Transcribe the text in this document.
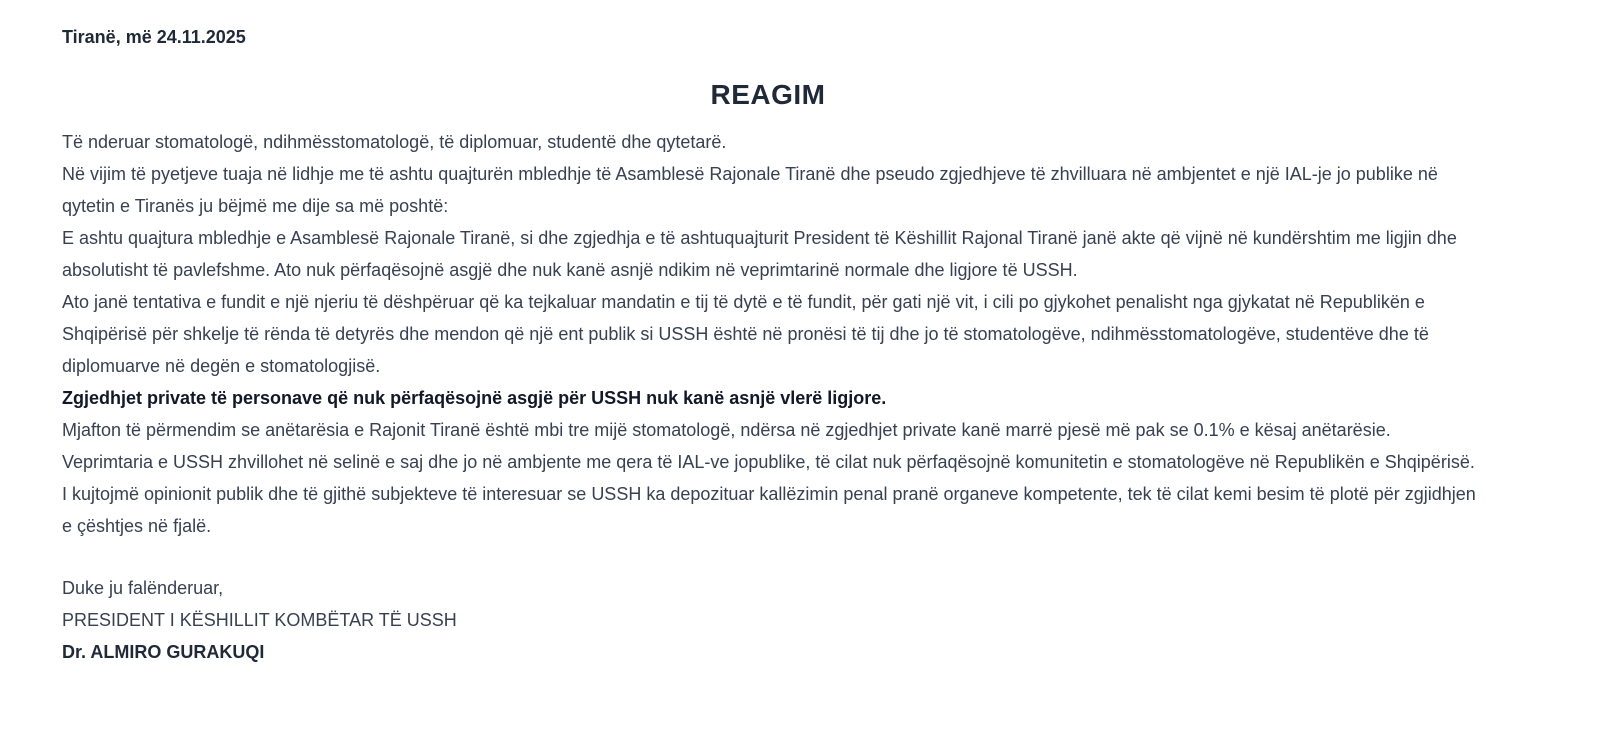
Tiranë, më 24.11.2025

REAGIM

Të nderuar stomatologë, ndihmësstomatologë, të diplomuar, studentë dhe qytetarë.

Në vijim të pyetjeve tuaja në lidhje me të ashtu quajturën mbledhje të Asamblesë Rajonale Tiranë dhe pseudo zgjedhjeve të zhvilluara në ambjentet e një IAL-je jo publike në qytetin e Tiranës ju bëjmë me dije sa më poshtë:

E ashtu quajtura mbledhje e Asamblesë Rajonale Tiranë, si dhe zgjedhja e të ashtuquajturit President të Këshillit Rajonal Tiranë janë akte që vijnë në kundërshtim me ligjin dhe absolutisht të pavlefshme. Ato nuk përfaqësojnë asgjë dhe nuk kanë asnjë ndikim në veprimtarinë normale dhe ligjore të USSH.

Ato janë tentativa e fundit e një njeriu të dëshpëruar që ka tejkaluar mandatin e tij të dytë e të fundit, për gati një vit, i cili po gjykohet penalisht nga gjykatat në Republikën e Shqipërisë për shkelje të rënda të detyrës dhe mendon që një ent publik si USSH është në pronësi të tij dhe jo të stomatologëve, ndihmësstomatologëve, studentëve dhe të diplomuarve në degën e stomatologjisë.

Zgjedhjet private të personave që nuk përfaqësojnë asgjë për USSH nuk kanë asnjë vlerë ligjore.

Mjafton të përmendim se anëtarësia e Rajonit Tiranë është mbi tre mijë stomatologë, ndërsa në zgjedhjet private kanë marrë pjesë më pak se 0.1% e kësaj anëtarësie.

Veprimtaria e USSH zhvillohet në selinë e saj dhe jo në ambjente me qera të IAL-ve jopublike, të cilat nuk përfaqësojnë komunitetin e stomatologëve në Republikën e Shqipërisë.

I kujtojmë opinionit publik dhe të gjithë subjekteve të interesuar se USSH ka depozituar kallëzimin penal pranë organeve kompetente, tek të cilat kemi besim të plotë për zgjidhjen e çështjes në fjalë.

Duke ju falënderuar,

PRESIDENT I KËSHILLIT KOMBËTAR TË USSH

Dr. ALMIRO GURAKUQI
